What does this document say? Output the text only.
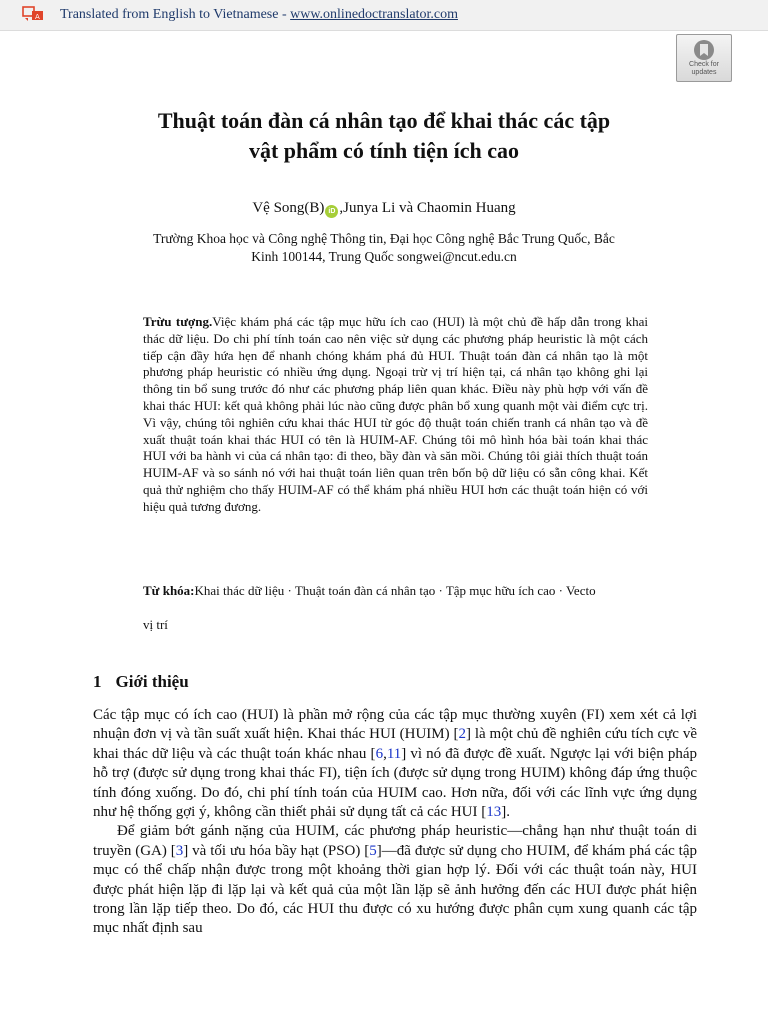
A Translated from English to Vietnamese - www.onlinedoctranslator.com
Check for
updates
Thuật toán đàn cá nhân tạo để khai thác các tập
vật phẩm có tính tiện ích cao
Vệ Song(B) iD ,Junya Li và Chaomin Huang
Trường Khoa học và Công nghệ Thông tin, Đại học Công nghệ Bắc Trung Quốc, Bắc
Kinh 100144, Trung Quốc songwei@ncut.edu.cn
Trừu tượng.Việc khám phá các tập mục hữu ích cao (HUI) là một chủ đề hấp dẫn trong khai thác dữ liệu. Do chi phí tính toán cao nên việc sử dụng các phương pháp heuristic là một cách tiếp cận đầy hứa hẹn để nhanh chóng khám phá đủ HUI. Thuật toán đàn cá nhân tạo là một phương pháp heuristic có nhiều ứng dụng. Ngoại trừ vị trí hiện tại, cá nhân tạo không ghi lại thông tin bổ sung trước đó như các phương pháp liên quan khác. Điều này phù hợp với vấn đề khai thác HUI: kết quả không phải lúc nào cũng được phân bổ xung quanh một vài điểm cực trị. Vì vậy, chúng tôi nghiên cứu khai thác HUI từ góc độ thuật toán chiến tranh cá nhân tạo và đề xuất thuật toán khai thác HUI có tên là HUIM-AF. Chúng tôi mô hình hóa bài toán khai thác HUI với ba hành vi của cá nhân tạo: đi theo, bầy đàn và săn mồi. Chúng tôi giải thích thuật toán HUIM-AF và so sánh nó với hai thuật toán liên quan trên bốn bộ dữ liệu có sẵn công khai. Kết quả thử nghiệm cho thấy HUIM-AF có thể khám phá nhiều HUI hơn các thuật toán hiện có với hiệu quả tương đương.
Từ khóa:Khai thác dữ liệu · Thuật toán đàn cá nhân tạo · Tập mục hữu ích cao · Vecto
vị trí
1 Giới thiệu

Các tập mục có ích cao (HUI) là phần mở rộng của các tập mục thường xuyên (FI) xem xét cả lợi nhuận đơn vị và tần suất xuất hiện. Khai thác HUI (HUIM) [2] là một chủ đề nghiên cứu tích cực về khai thác dữ liệu và các thuật toán khác nhau [6,11] vì nó đã được đề xuất. Ngược lại với biện pháp hỗ trợ (được sử dụng trong khai thác FI), tiện ích (được sử dụng trong HUIM) không đáp ứng thuộc tính đóng xuống. Do đó, chi phí tính toán của HUIM cao. Hơn nữa, đối với các lĩnh vực ứng dụng như hệ thống gợi ý, không cần thiết phải sử dụng tất cả các HUI [13].

Để giảm bớt gánh nặng của HUIM, các phương pháp heuristic—chẳng hạn như thuật toán di truyền (GA) [3] và tối ưu hóa bầy hạt (PSO) [5]—đã được sử dụng cho HUIM, để khám phá các tập mục có thể chấp nhận được trong một khoảng thời gian hợp lý. Đối với các thuật toán này, HUI được phát hiện lặp đi lặp lại và kết quả của một lần lặp sẽ ảnh hưởng đến các HUI được phát hiện trong lần lặp tiếp theo. Do đó, các HUI thu được có xu hướng được phân cụm xung quanh các tập mục nhất định sau
